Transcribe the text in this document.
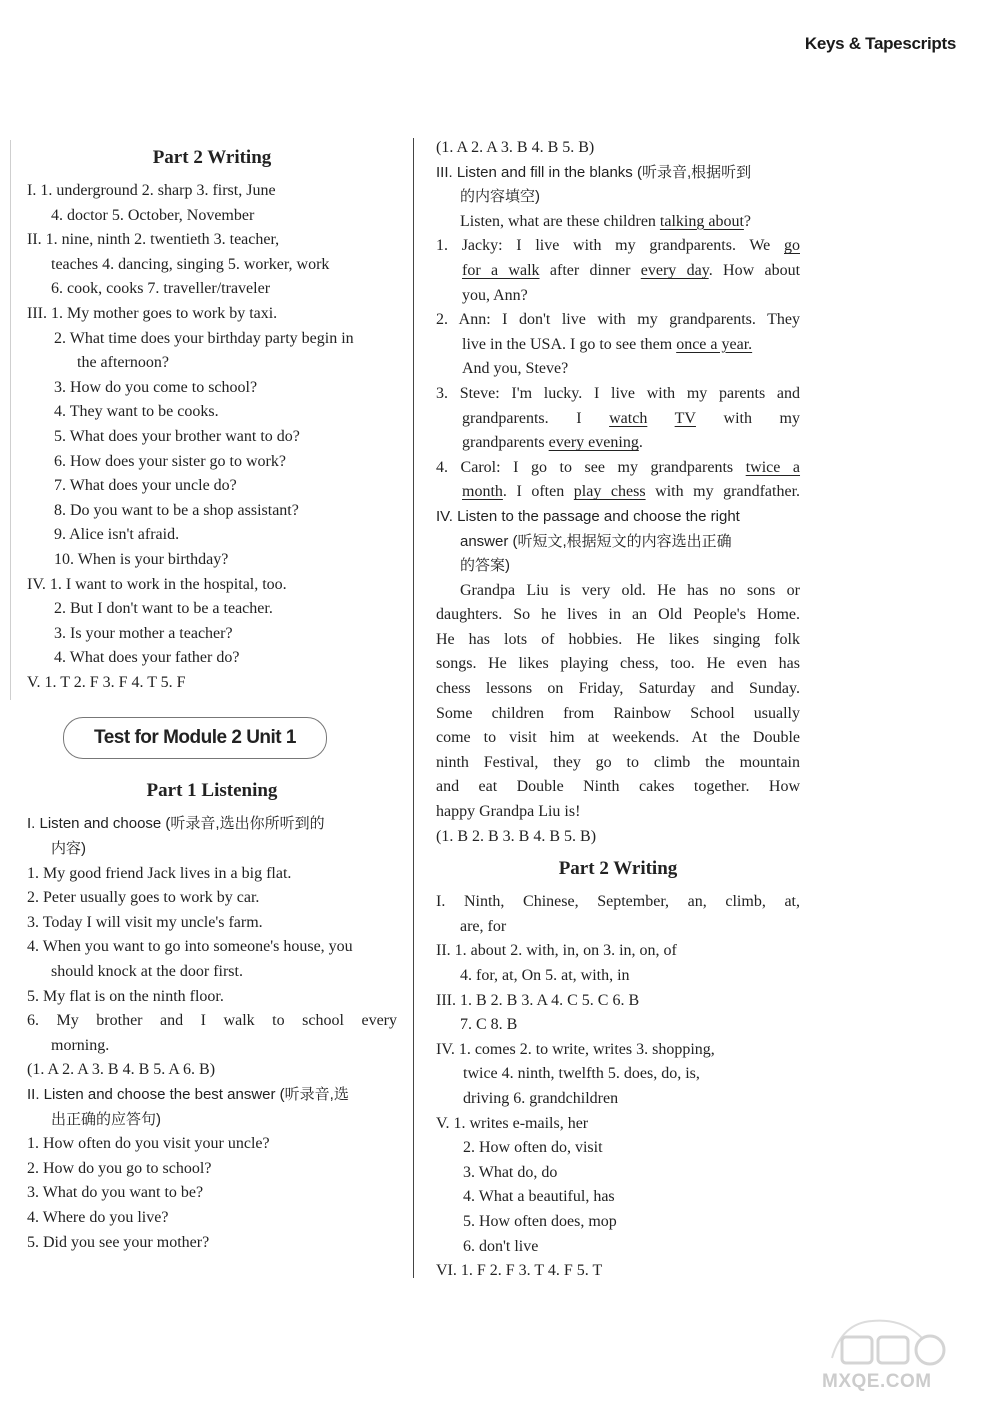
Keys & Tapescripts
Part 2 Writing
I. 1. underground 2. sharp 3. first, June
4. doctor 5. October, November
II. 1. nine, ninth 2. twentieth 3. teacher,
teaches 4. dancing, singing 5. worker, work
6. cook, cooks 7. traveller/traveler
III. 1. My mother goes to work by taxi.
2. What time does your birthday party begin in
the afternoon?
3. How do you come to school?
4. They want to be cooks.
5. What does your brother want to do?
6. How does your sister go to work?
7. What does your uncle do?
8. Do you want to be a shop assistant?
9. Alice isn't afraid.
10. When is your birthday?
IV. 1. I want to work in the hospital, too.
2. But I don't want to be a teacher.
3. Is your mother a teacher?
4. What does your father do?
V. 1. T 2. F 3. F 4. T 5. F
Test for Module 2 Unit 1
Part 1 Listening
I. Listen and choose (听录音,选出你所听到的
内容)
1. My good friend Jack lives in a big flat.
2. Peter usually goes to work by car.
3. Today I will visit my uncle's farm.
4. When you want to go into someone's house, you
should knock at the door first.
5. My flat is on the ninth floor.
6. My brother and I walk to school every
morning.
(1. A 2. A 3. B 4. B 5. A 6. B)
II. Listen and choose the best answer (听录音,选
出正确的应答句)
1. How often do you visit your uncle?
2. How do you go to school?
3. What do you want to be?
4. Where do you live?
5. Did you see your mother?
(1. A 2. A 3. B 4. B 5. B)
III. Listen and fill in the blanks (听录音,根据听到
的内容填空)
Listen, what are these children talking about?
1. Jacky: I live with my grandparents. We go
for a walk after dinner every day. How about
you, Ann?
2. Ann: I don't live with my grandparents. They
live in the USA. I go to see them once a year.
And you, Steve?
3. Steve: I'm lucky. I live with my parents and
grandparents.   I   watch TV   with   my
grandparents every evening.
4. Carol: I go to see my grandparents twice a
month. I often play chess with my grandfather.
IV. Listen to the passage and choose the right
answer (听短文,根据短文的内容选出正确
的答案)
Grandpa Liu is very old. He has no sons or
daughters. So he lives in an Old People's Home.
He has lots of hobbies. He likes singing folk
songs. He likes playing chess, too. He even has
chess lessons on Friday, Saturday and Sunday.
Some children from Rainbow School usually
come to visit him at weekends. At the Double
ninth Festival, they go to climb the mountain
and eat Double Ninth cakes together. How
happy Grandpa Liu is!
(1. B 2. B 3. B 4. B 5. B)
Part 2 Writing
I. Ninth, Chinese, September, an, climb, at,
are, for
II. 1. about 2. with, in, on 3. in, on, of
4. for, at, On 5. at, with, in
III. 1. B 2. B 3. A 4. C 5. C 6. B
7. C 8. B
IV. 1. comes 2. to write, writes 3. shopping,
twice 4. ninth, twelfth 5. does, do, is,
driving 6. grandchildren
V. 1. writes e-mails, her
2. How often do, visit
3. What do, do
4. What a beautiful, has
5. How often does, mop
6. don't live
VI. 1. F 2. F 3. T 4. F 5. T
MXQE.COM
